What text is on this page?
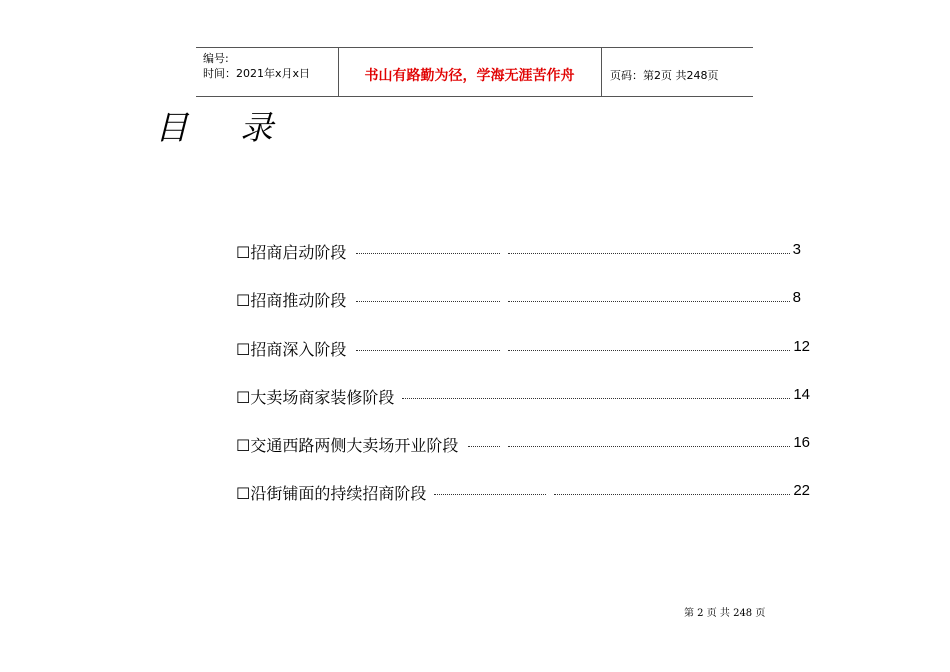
编号:
时间：2021年x月x日	书山有路勤为径，学海无涯苦作舟	页码：第2页 共248页
目录
☐招商启动阶段	3
☐招商推动阶段	8
☐招商深入阶段	12
☐大卖场商家装修阶段	14
☐交通西路两侧大卖场开业阶段	16
☐沿街铺面的持续招商阶段	22
第 2 页 共 248 页
